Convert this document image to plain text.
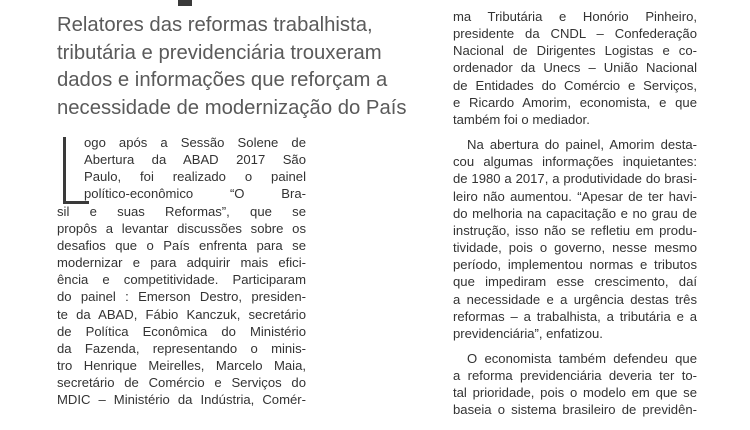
Relatores das reformas trabalhista,
tributária e previdenciária trouxeram
dados e informações que reforçam a
necessidade de modernização do País
ogo após a Sessão Solene de
Abertura da ABAD 2017 São
Paulo, foi realizado o painel
político-econômico “O Bra-
sil e suas Reformas”, que se
propôs a levantar discussões sobre os
desafios que o País enfrenta para se
modernizar e para adquirir mais efici-
ência e competitividade. Participaram
do painel : Emerson Destro, presiden-
te da ABAD, Fábio Kanczuk, secretário
de Política Econômica do Ministério
da Fazenda, representando o minis-
tro Henrique Meirelles, Marcelo Maia,
secretário de Comércio e Serviços do
MDIC – Ministério da Indústria, Comér-
ma Tributária e Honório Pinheiro,
presidente da CNDL – Confederação
Nacional de Dirigentes Logistas e co-
ordenador da Unecs – União Nacional
de Entidades do Comércio e Serviços,
e Ricardo Amorim, economista, e que
também foi o mediador.
Na abertura do painel, Amorim desta-
cou algumas informações inquietantes:
de 1980 a 2017, a produtividade do brasi-
leiro não aumentou. “Apesar de ter havi-
do melhoria na capacitação e no grau de
instrução, isso não se refletiu em produ-
tividade, pois o governo, nesse mesmo
período, implementou normas e tributos
que impediram esse crescimento, daí
a necessidade e a urgência destas três
reformas – a trabalhista, a tributária e a
previdenciária”, enfatizou.
O economista também defendeu que
a reforma previdenciária deveria ter to-
tal prioridade, pois o modelo em que se
baseia o sistema brasileiro de previdên-
